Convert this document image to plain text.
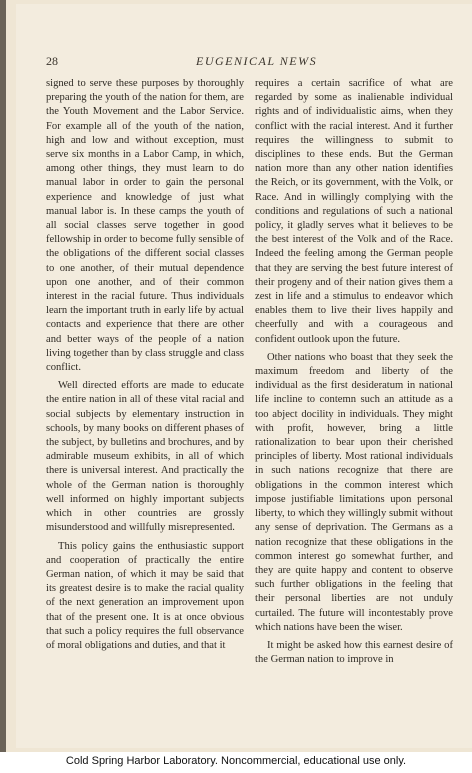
28	EUGENICAL NEWS

signed to serve these purposes by thoroughly preparing the youth of the nation for them, are the Youth Movement and the Labor Service. For example all of the youth of the nation, high and low and without exception, must serve six months in a Labor Camp, in which, among other things, they must learn to do manual labor in order to gain the personal experience and knowledge of just what manual labor is. In these camps the youth of all social classes serve together in good fellowship in order to become fully sensible of the obligations of the different social classes to one another, of their mutual dependence upon one another, and of their common interest in the racial future. Thus individuals learn the important truth in early life by actual contacts and experience that there are other and better ways of the people of a nation living together than by class struggle and class conflict.

Well directed efforts are made to educate the entire nation in all of these vital racial and social subjects by elementary instruction in schools, by many books on different phases of the subject, by bulletins and brochures, and by admirable museum exhibits, in all of which there is universal interest. And practically the whole of the German nation is thoroughly well informed on highly important subjects which in other countries are grossly misunderstood and willfully misrepresented.

This policy gains the enthusiastic support and cooperation of practically the entire German nation, of which it may be said that its greatest desire is to make the racial quality of the next generation an improvement upon that of the present one. It is at once obvious that such a policy requires the full observance of moral obligations and duties, and that it

requires a certain sacrifice of what are regarded by some as inalienable individual rights and of individualistic aims, when they conflict with the racial interest. And it further requires the willingness to submit to disciplines to these ends. But the German nation more than any other nation identifies the Reich, or its government, with the Volk, or Race. And in willingly complying with the conditions and regulations of such a national policy, it gladly serves what it believes to be the best interest of the Volk and of the Race. Indeed the feeling among the German people that they are serving the best future interest of their progeny and of their nation gives them a zest in life and a stimulus to endeavor which enables them to live their lives happily and cheerfully and with a courageous and confident outlook upon the future.

Other nations who boast that they seek the maximum freedom and liberty of the individual as the first desideratum in national life incline to contemn such an attitude as a too abject docility in individuals. They might with profit, however, bring a little rationalization to bear upon their cherished principles of liberty. Most rational individuals in such nations recognize that there are obligations in the common interest which impose justifiable limitations upon personal liberty, to which they willingly submit without any sense of deprivation. The Germans as a nation recognize that these obligations in the common interest go somewhat further, and they are quite happy and content to observe such further obligations in the feeling that their personal liberties are not unduly curtailed. The future will incontestably prove which nations have been the wiser.

It might be asked how this earnest desire of the German nation to improve in

Cold Spring Harbor Laboratory. Noncommercial, educational use only.
